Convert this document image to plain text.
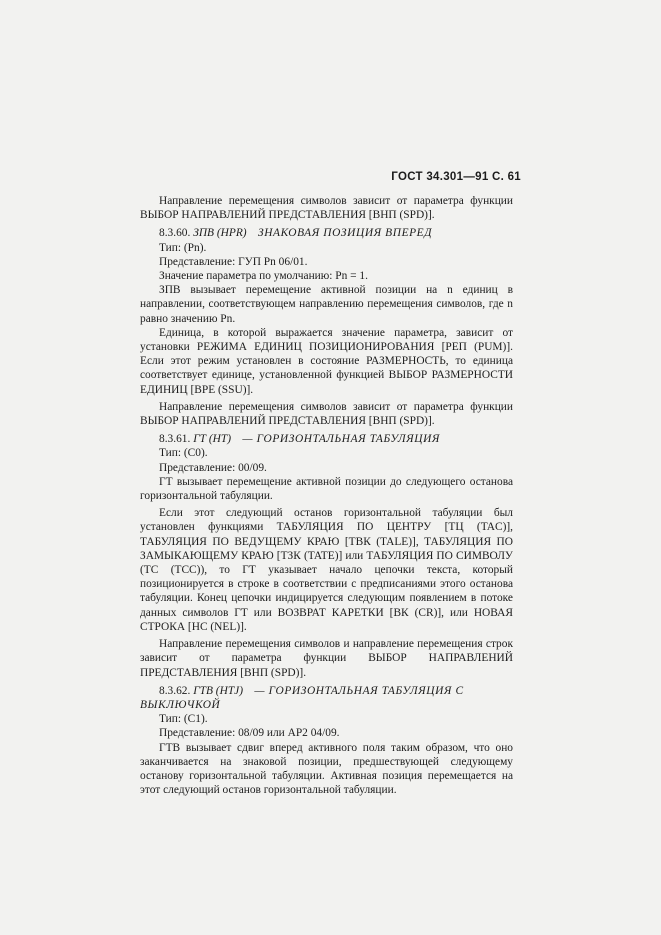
ГОСТ 34.301—91 С. 61

Направление перемещения символов зависит от параметра функции ВЫБОР НАПРАВЛЕНИЙ ПРЕДСТАВЛЕНИЯ [ВНП (SPD)].

8.3.60. ЗПВ (HPR)  ЗНАКОВАЯ ПОЗИЦИЯ ВПЕРЕД

Тип: (Pn).

Представление: ГУП Pn 06/01.

Значение параметра по умолчанию: Pn = 1.

ЗПВ вызывает перемещение активной позиции на n единиц в направлении, соответствующем направлению перемещения символов, где n равно значению Pn.

Единица, в которой выражается значение параметра, зависит от установки РЕЖИМА ЕДИНИЦ ПОЗИЦИОНИРОВАНИЯ [РЕП (PUM)]. Если этот режим установлен в состояние РАЗМЕРНОСТЬ, то единица соответствует единице, установленной функцией ВЫБОР РАЗМЕРНОСТИ ЕДИНИЦ [ВРЕ (SSU)].

Направление перемещения символов зависит от параметра функции ВЫБОР НАПРАВЛЕНИЙ ПРЕДСТАВЛЕНИЯ [ВНП (SPD)].

8.3.61. ГТ (HT)  — ГОРИЗОНТАЛЬНАЯ ТАБУЛЯЦИЯ

Тип: (C0).

Представление: 00/09.

ГТ вызывает перемещение активной позиции до следующего останова горизонтальной табуляции.

Если этот следующий останов горизонтальной табуляции был установлен функциями ТАБУЛЯЦИЯ ПО ЦЕНТРУ [ТЦ (TAC)], ТАБУЛЯЦИЯ ПО ВЕДУЩЕМУ КРАЮ [ТВК (TALE)], ТАБУЛЯЦИЯ ПО ЗАМЫКАЮЩЕМУ КРАЮ [ТЗК (TATE)] или ТАБУЛЯЦИЯ ПО СИМВОЛУ (ТС (TCC)), то ГТ указывает начало цепочки текста, который позиционируется в строке в соответствии с предписаниями этого останова табуляции. Конец цепочки индицируется следующим появлением в потоке данных символов ГТ или ВОЗВРАТ КАРЕТКИ [ВК (CR)], или НОВАЯ СТРОКА [НС (NEL)].

Направление перемещения символов и направление перемещения строк зависит от параметра функции ВЫБОР НАПРАВЛЕНИЙ ПРЕДСТАВЛЕНИЯ [ВНП (SPD)].

8.3.62. ГТВ (HTJ)  — ГОРИЗОНТАЛЬНАЯ ТАБУЛЯЦИЯ С ВЫКЛЮЧКОЙ

Тип: (C1).

Представление: 08/09 или АР2 04/09.

ГТВ вызывает сдвиг вперед активного поля таким образом, что оно заканчивается на знаковой позиции, предшествующей следующему останову горизонтальной табуляции. Активная позиция перемещается на этот следующий останов горизонтальной табуляции.
